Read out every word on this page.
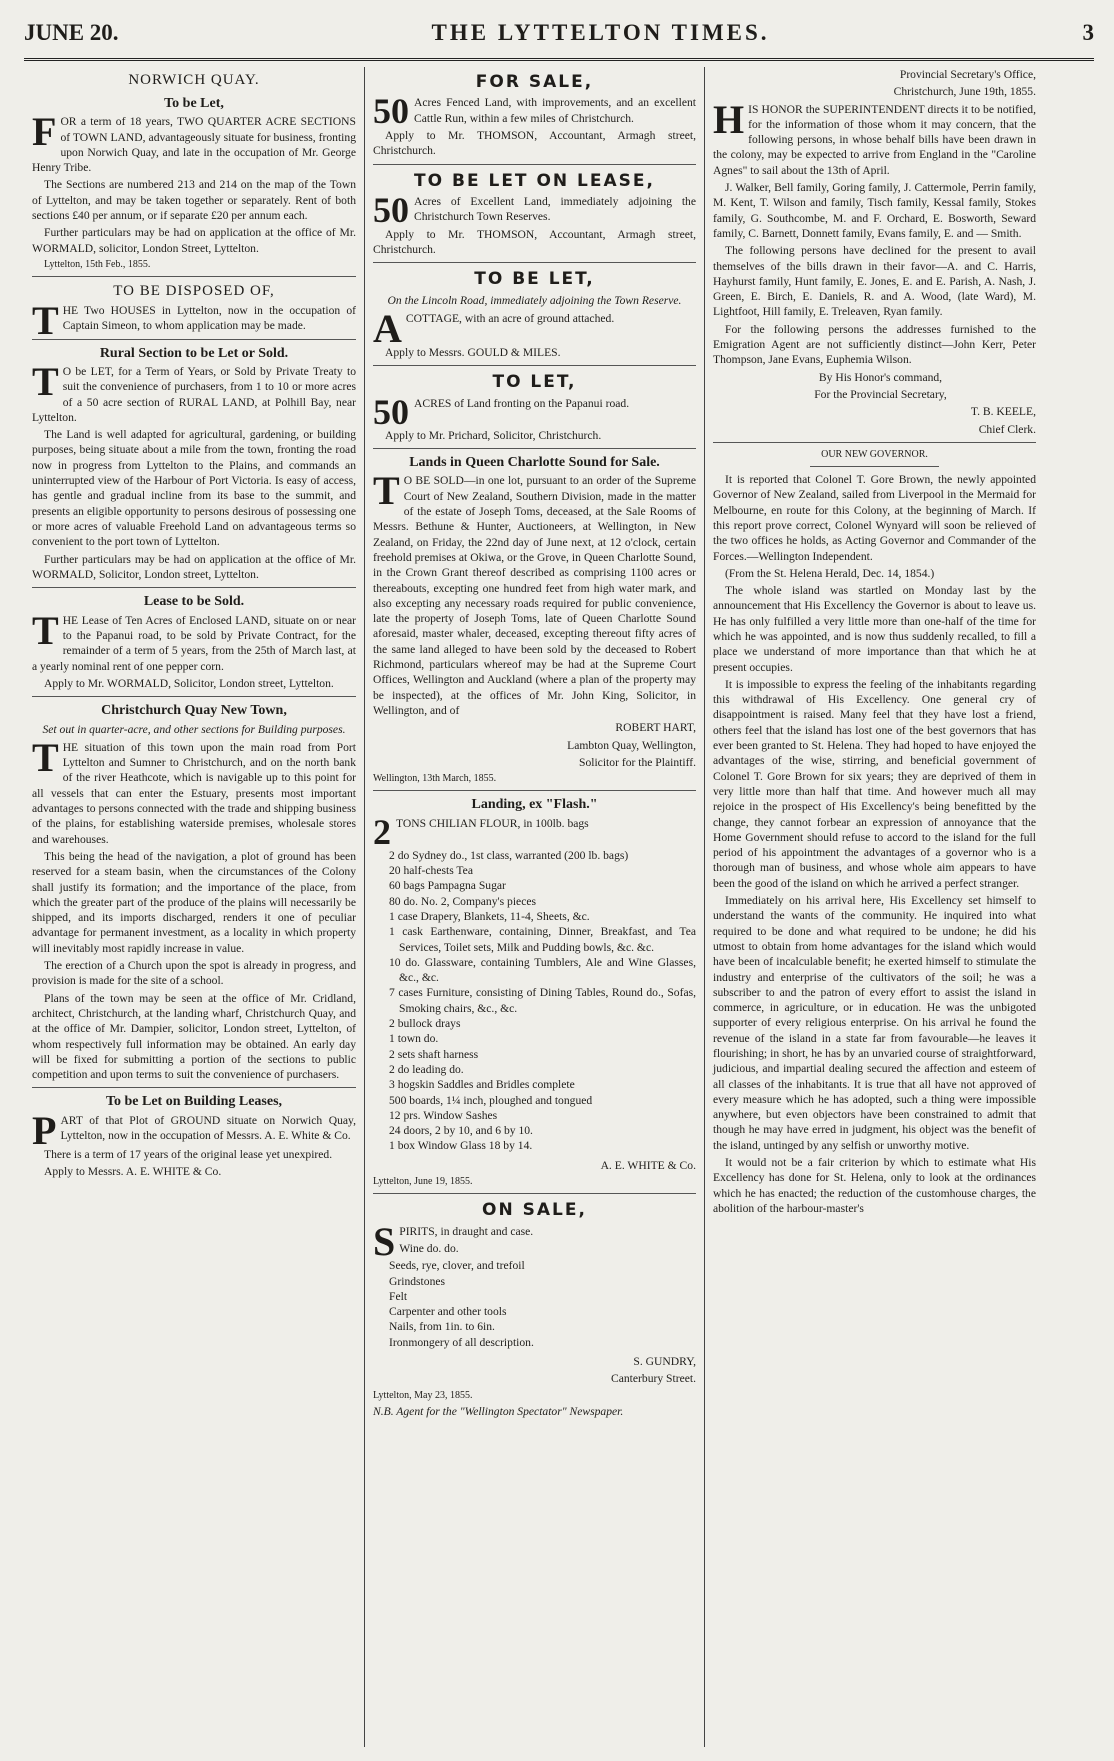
JUNE 20.	THE LYTTELTON TIMES.	3
NORWICH QUAY.
To be Let,

FOR a term of 18 years, TWO QUARTER ACRE SECTIONS of TOWN LAND, advantageously situate for business, fronting upon Norwich Quay, and late in the occupation of Mr. George Henry Tribe.

The Sections are numbered 213 and 214 on the map of the Town of Lyttelton, and may be taken together or separately. Rent of both sections £40 per annum, or if separate £20 per annum each.

Further particulars may be had on application at the office of Mr. WORMALD, solicitor, London Street, Lyttelton.

Lyttelton, 15th Feb., 1855.

TO BE DISPOSED OF,

THE Two HOUSES in Lyttelton, now in the occupation of Captain Simeon, to whom application may be made.

Rural Section to be Let or Sold.

T O be LET, for a Term of Years, or Sold by Private Treaty to suit the convenience of purchasers, from 1 to 10 or more acres of a 50 acre section of RURAL LAND, at Polhill Bay, near Lyttelton.

The Land is well adapted for agricultural, gardening, or building purposes, being situate about a mile from the town, fronting the road now in progress from Lyttelton to the Plains, and commands an uninterrupted view of the Harbour of Port Victoria. Is easy of access, has gentle and gradual incline from its base to the summit, and presents an eligible opportunity to persons desirous of possessing one or more acres of valuable Freehold Land on advantageous terms so convenient to the port town of Lyttelton.

Further particulars may be had on application at the office of Mr. WORMALD, Solicitor, London street, Lyttelton.

Lease to be Sold.

THE Lease of Ten Acres of Enclosed LAND, situate on or near to the Papanui road, to be sold by Private Contract, for the remainder of a term of 5 years, from the 25th of March last, at a yearly nominal rent of one pepper corn.

Apply to Mr. WORMALD, Solicitor, London street, Lyttelton.

Christchurch Quay New Town,
Set out in quarter-acre, and other sections for Building purposes.

THE situation of this town upon the main road from Port Lyttelton and Sumner to Christchurch, and on the north bank of the river Heathcote, which is navigable up to this point for all vessels that can enter the Estuary, presents most important advantages to persons connected with the trade and shipping business of the plains, for establishing waterside premises, wholesale stores and warehouses.

This being the head of the navigation, a plot of ground has been reserved for a steam basin, when the circumstances of the Colony shall justify its formation; and the importance of the place, from which the greater part of the produce of the plains will necessarily be shipped, and its imports discharged, renders it one of peculiar advantage for permanent investment, as a locality in which property will inevitably most rapidly increase in value.

The erection of a Church upon the spot is already in progress, and provision is made for the site of a school.

Plans of the town may be seen at the office of Mr. Cridland, architect, Christchurch, at the landing wharf, Christchurch Quay, and at the office of Mr. Dampier, solicitor, London street, Lyttelton, of whom respectively full information may be obtained. An early day will be fixed for submitting a portion of the sections to public competition and upon terms to suit the convenience of purchasers.

To be Let on Building Leases,

PART of that Plot of GROUND situate on Norwich Quay, Lyttelton, now in the occupation of Messrs. A. E. White & Co.

There is a term of 17 years of the original lease yet unexpired.

Apply to Messrs. A. E. WHITE & Co.

FOR SALE,

50 Acres Fenced Land, with improvements, and an excellent Cattle Run, within a few miles of Christchurch.

Apply to Mr. THOMSON, Accountant, Armagh street, Christchurch.

TO BE LET ON LEASE,

50 Acres of Excellent Land, immediately adjoining the Christchurch Town Reserves.

Apply to Mr. THOMSON, Accountant, Armagh street, Christchurch.

TO BE LET,
On the Lincoln Road, immediately adjoining the Town Reserve.

ACOTTAGE, with an acre of ground attached.

Apply to Messrs. GOULD & MILES.

TO LET,

50 ACRES of Land fronting on the Papanui road.

Apply to Mr. Prichard, Solicitor, Christchurch.

Lands in Queen Charlotte Sound for Sale.

T O BE SOLD—in one lot, pursuant to an order of the Supreme Court of New Zealand, Southern Division, made in the matter of the estate of Joseph Toms, deceased, at the Sale Rooms of Messrs. Bethune & Hunter, Auctioneers, at Wellington, in New Zealand, on Friday, the 22nd day of June next, at 12 o'clock, certain freehold premises at Okiwa, or the Grove, in Queen Charlotte Sound, in the Crown Grant thereof described as comprising 1100 acres or thereabouts, excepting one hundred feet from high water mark, and also excepting any necessary roads required for public convenience, late the property of Joseph Toms, late of Queen Charlotte Sound aforesaid, master whaler, deceased, excepting thereout fifty acres of the same land alleged to have been sold by the deceased to Robert Richmond, particulars whereof may be had at the Supreme Court Offices, Wellington and Auckland (where a plan of the property may be inspected), at the offices of Mr. John King, Solicitor, in Wellington, and of

ROBERT HART,

Lambton Quay, Wellington,

Solicitor for the Plaintiff.

Wellington, 13th March, 1855.

Landing, ex "Flash."

2 TONS CHILIAN FLOUR, in 100lb. bags

2 do Sydney do., 1st class, warranted (200 lb. bags)
20 half-chests Tea
60 bags Pampagna Sugar
80 do. No. 2, Company's pieces
1 case Drapery, Blankets, 11-4, Sheets, &c.
1 cask Earthenware, containing, Dinner, Breakfast, and Tea Services, Toilet sets, Milk and Pudding bowls, &c. &c.
10 do. Glassware, containing Tumblers, Ale and Wine Glasses, &c., &c.
7 cases Furniture, consisting of Dining Tables, Round do., Sofas, Smoking chairs, &c., &c.
2 bullock drays
1 town do.
2 sets shaft harness
2 do leading do.
3 hogskin Saddles and Bridles complete
500 boards, 1¼ inch, ploughed and tongued
12 prs. Window Sashes
24 doors, 2 by 10, and 6 by 10.
1 box Window Glass 18 by 14.

A. E. WHITE & Co.

Lyttelton, June 19, 1855.

ON SALE,

SPIRITS, in draught and case.

Wine do. do.

Seeds, rye, clover, and trefoil
Grindstones
Felt
Carpenter and other tools
Nails, from 1in. to 6in.
Ironmongery of all description.

S. GUNDRY,

Canterbury Street.

Lyttelton, May 23, 1855.

N.B. Agent for the "Wellington Spectator" Newspaper.

Provincial Secretary's Office,

Christchurch, June 19th, 1855.

HIS HONOR the SUPERINTENDENT directs it to be notified, for the information of those whom it may concern, that the following persons, in whose behalf bills have been drawn in the colony, may be expected to arrive from England in the "Caroline Agnes" to sail about the 13th of April.

J. Walker, Bell family, Goring family, J. Cattermole, Perrin family, M. Kent, T. Wilson and family, Tisch family, Kessal family, Stokes family, G. Southcombe, M. and F. Orchard, E. Bosworth, Seward family, C. Barnett, Donnett family, Evans family, E. and — Smith.

The following persons have declined for the present to avail themselves of the bills drawn in their favor—A. and C. Harris, Hayhurst family, Hunt family, E. Jones, E. and E. Parish, A. Nash, J. Green, E. Birch, E. Daniels, R. and A. Wood, (late Ward), M. Lightfoot, Hill family, E. Treleaven, Ryan family.

For the following persons the addresses furnished to the Emigration Agent are not sufficiently distinct—John Kerr, Peter Thompson, Jane Evans, Euphemia Wilson.

By His Honor's command,

For the Provincial Secretary,

T. B. KEELE,

Chief Clerk.

OUR NEW GOVERNOR.

It is reported that Colonel T. Gore Brown, the newly appointed Governor of New Zealand, sailed from Liverpool in the Mermaid for Melbourne, en route for this Colony, at the beginning of March. If this report prove correct, Colonel Wynyard will soon be relieved of the two offices he holds, as Acting Governor and Commander of the Forces.—Wellington Independent.

(From the St. Helena Herald, Dec. 14, 1854.)

The whole island was startled on Monday last by the announcement that His Excellency the Governor is about to leave us. He has only fulfilled a very little more than one-half of the time for which he was appointed, and is now thus suddenly recalled, to fill a place we understand of more importance than that which he at present occupies.

It is impossible to express the feeling of the inhabitants regarding this withdrawal of His Excellency. One general cry of disappointment is raised. Many feel that they have lost a friend, others feel that the island has lost one of the best governors that has ever been granted to St. Helena. They had hoped to have enjoyed the advantages of the wise, stirring, and beneficial government of Colonel T. Gore Brown for six years; they are deprived of them in very little more than half that time. And however much all may rejoice in the prospect of His Excellency's being benefitted by the change, they cannot forbear an expression of annoyance that the Home Government should refuse to accord to the island for the full period of his appointment the advantages of a governor who is a thorough man of business, and whose whole aim appears to have been the good of the island on which he arrived a perfect stranger.

Immediately on his arrival here, His Excellency set himself to understand the wants of the community. He inquired into what required to be done and what required to be undone; he did his utmost to obtain from home advantages for the island which would have been of incalculable benefit; he exerted himself to stimulate the industry and enterprise of the cultivators of the soil; he was a subscriber to and the patron of every effort to assist the island in commerce, in agriculture, or in education. He was the unbigoted supporter of every religious enterprise. On his arrival he found the revenue of the island in a state far from favourable—he leaves it flourishing; in short, he has by an unvaried course of straightforward, judicious, and impartial dealing secured the affection and esteem of all classes of the inhabitants. It is true that all have not approved of every measure which he has adopted, such a thing were impossible anywhere, but even objectors have been constrained to admit that though he may have erred in judgment, his object was the benefit of the island, untinged by any selfish or unworthy motive.

It would not be a fair criterion by which to estimate what His Excellency has done for St. Helena, only to look at the ordinances which he has enacted; the reduction of the customhouse charges, the abolition of the harbour-master's
